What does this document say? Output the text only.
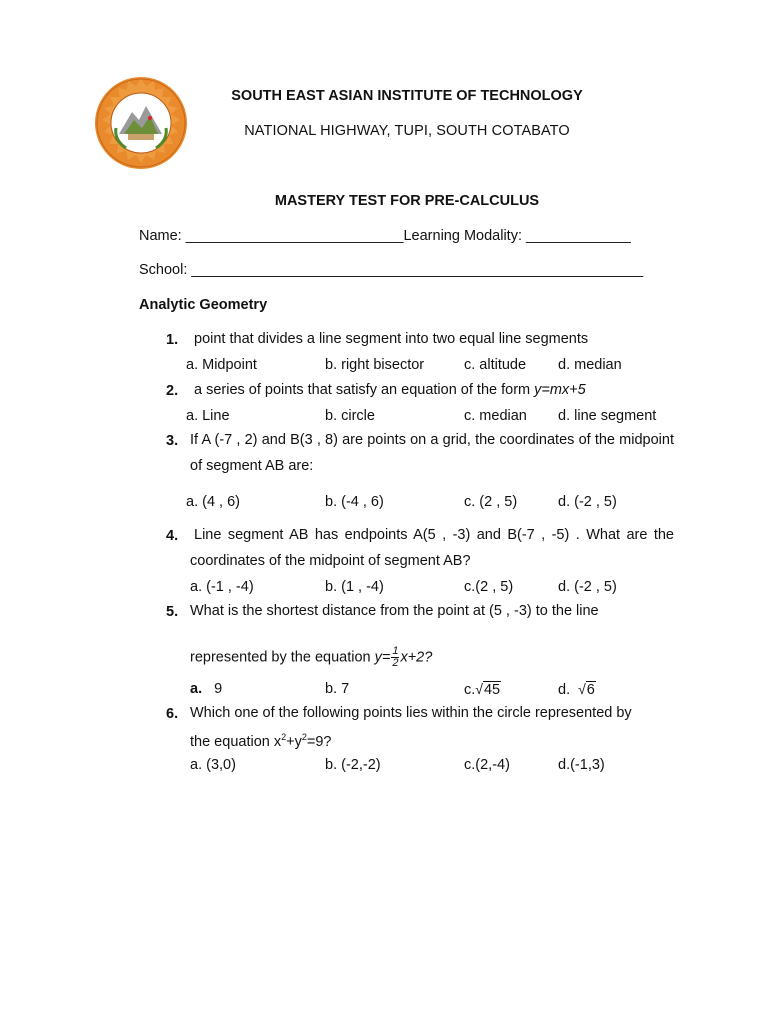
2006
SOUTH EAST ASIAN INSTITUTE OF TECHNOLOGY
NATIONAL HIGHWAY, TUPI, SOUTH COTABATO
MASTERY TEST FOR PRE-CALCULUS
Name: ___________________________Learning Modality: _____________
School: ________________________________________________________
Analytic Geometry
1. point that divides a line segment into two equal line segments
a. Midpoint	b. right bisector	c. altitude d. median
2. a series of points that satisfy an equation of the form y=mx+5
a. Line	b. circle	c. median d. line segment
3. If A (-7 , 2) and B(3 , 8) are points on a grid, the coordinates of the midpoint of segment AB are:
a. (4 , 6)	b. (-4 , 6)	c. (2 , 5)	d. (-2 , 5)
4. Line segment AB has endpoints A(5 , -3) and B(-7 , -5) . What are the coordinates of the midpoint of segment AB?
a. (-1 , -4)	b. (1 , -4)	c.(2 , 5)	d. (-2 , 5)
5. What is the shortest distance from the point at (5 , -3) to the line
represented by the equation $y= \frac{1}{2} x+2$?
a. 9	b. 7	c.√45	d. √6
6. Which one of the following points lies within the circle represented by
the equation $x^2+y^2=9$?
a. (3,0)	b. (-2,-2)	c.(2,-4)	d.(-1,3)
